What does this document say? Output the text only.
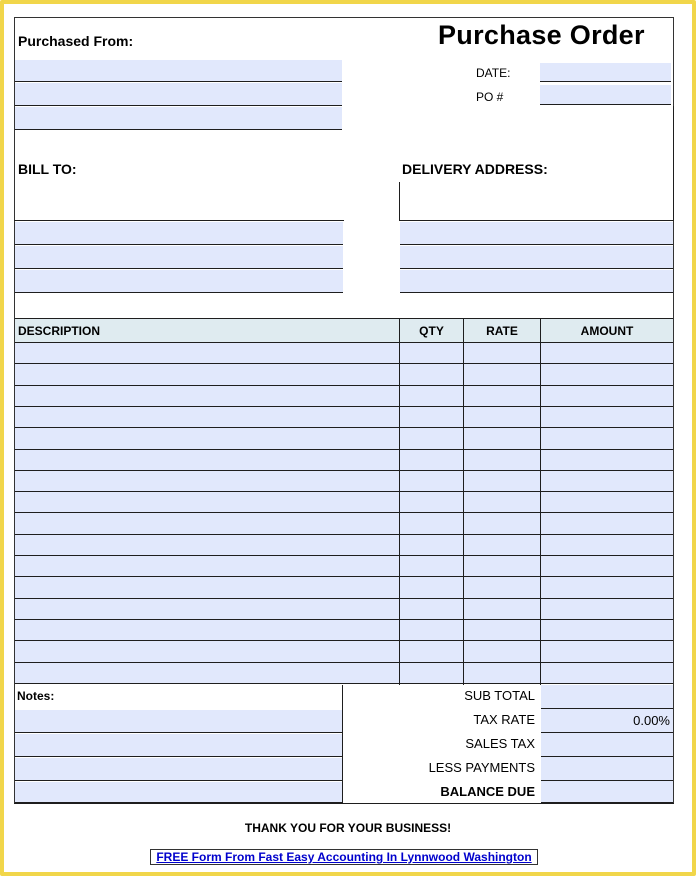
Purchased From:	Purchase Order
DATE:
PO #
BILL TO:	DELIVERY ADDRESS:
DESCRIPTION	QTY	RATE	AMOUNT
Notes:	SUB TOTAL
TAX RATE	0.00%
SALES TAX
LESS PAYMENTS
BALANCE DUE
THANK YOU FOR YOUR BUSINESS!
FREE Form From Fast Easy Accounting In Lynnwood Washington
